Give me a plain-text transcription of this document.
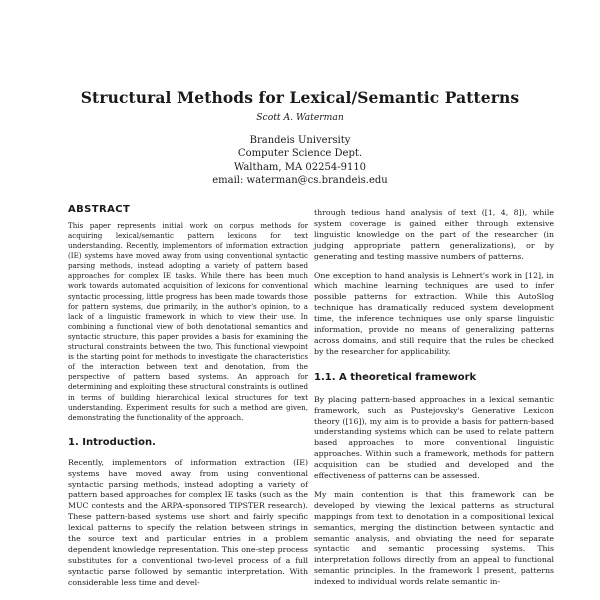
Structural Methods for Lexical/Semantic Patterns
Scott A. Waterman
Brandeis University
Computer Science Dept.
Waltham, MA 02254-9110
email: waterman@cs.brandeis.edu
ABSTRACT

This paper represents initial work on corpus methods for acquiring lexical/semantic pattern lexicons for text understanding. Recently, implementors of information extraction (IE) systems have moved away from using conventional syntactic parsing methods, instead adopting a variety of pattern based approaches for complex IE tasks. While there has been much work towards automated acquisition of lexicons for conventional syntactic processing, little progress has been made towards those for pattern systems, due primarily, in the author's opinion, to a lack of a linguistic framework in which to view their use. In combining a functional view of both denotational semantics and syntactic structure, this paper provides a basis for examining the structural constraints between the two. This functional viewpoint is the starting point for methods to investigate the characteristics of the interaction between text and denotation, from the perspective of pattern based systems. An approach for determining and exploiting these structural constraints is outlined in terms of building hierarchical lexical structures for text understanding. Experiment results for such a method are given, demonstrating the functionality of the approach.

1. Introduction.

Recently, implementors of information extraction (IE) systems have moved away from using conventional syntactic parsing methods, instead adopting a variety of pattern based approaches for complex IE tasks (such as the MUC contests and the ARPA-sponsored TIPSTER research). These pattern-based systems use short and fairly specific lexical patterns to specify the relation between strings in the source text and particular entries in a problem dependent knowledge representation. This one-step process substitutes for a conventional two-level process of a full syntactic parse followed by semantic interpretation. With considerable less time and devel-

through tedious hand analysis of text ([1, 4, 8]), while system coverage is gained either through extensive linguistic knowledge on the part of the researcher (in judging appropriate pattern generalizations), or by generating and testing massive numbers of patterns.

One exception to hand analysis is Lehnert's work in [12], in which machine learning techniques are used to infer possible patterns for extraction. While this AutoSlog technique has dramatically reduced system development time, the inference techniques use only sparse linguistic information, provide no means of generalizing patterns across domains, and still require that the rules be checked by the researcher for applicability.

1.1. A theoretical framework

By placing pattern-based approaches in a lexical semantic framework, such as Pustejovsky's Generative Lexicon theory ([16]), my aim is to provide a basis for pattern-based understanding systems which can be used to relate pattern based approaches to more conventional linguistic approaches. Within such a framework, methods for pattern acquisition can be studied and developed and the effectiveness of patterns can be assessed.

My main contention is that this framework can be developed by viewing the lexical patterns as structural mappings from text to denotation in a compositional lexical semantics, merging the distinction between syntactic and semantic analysis, and obviating the need for separate syntactic and semantic processing systems. This interpretation follows directly from an appeal to functional semantic principles. In the framework I present, patterns indexed to individual words relate semantic in-
